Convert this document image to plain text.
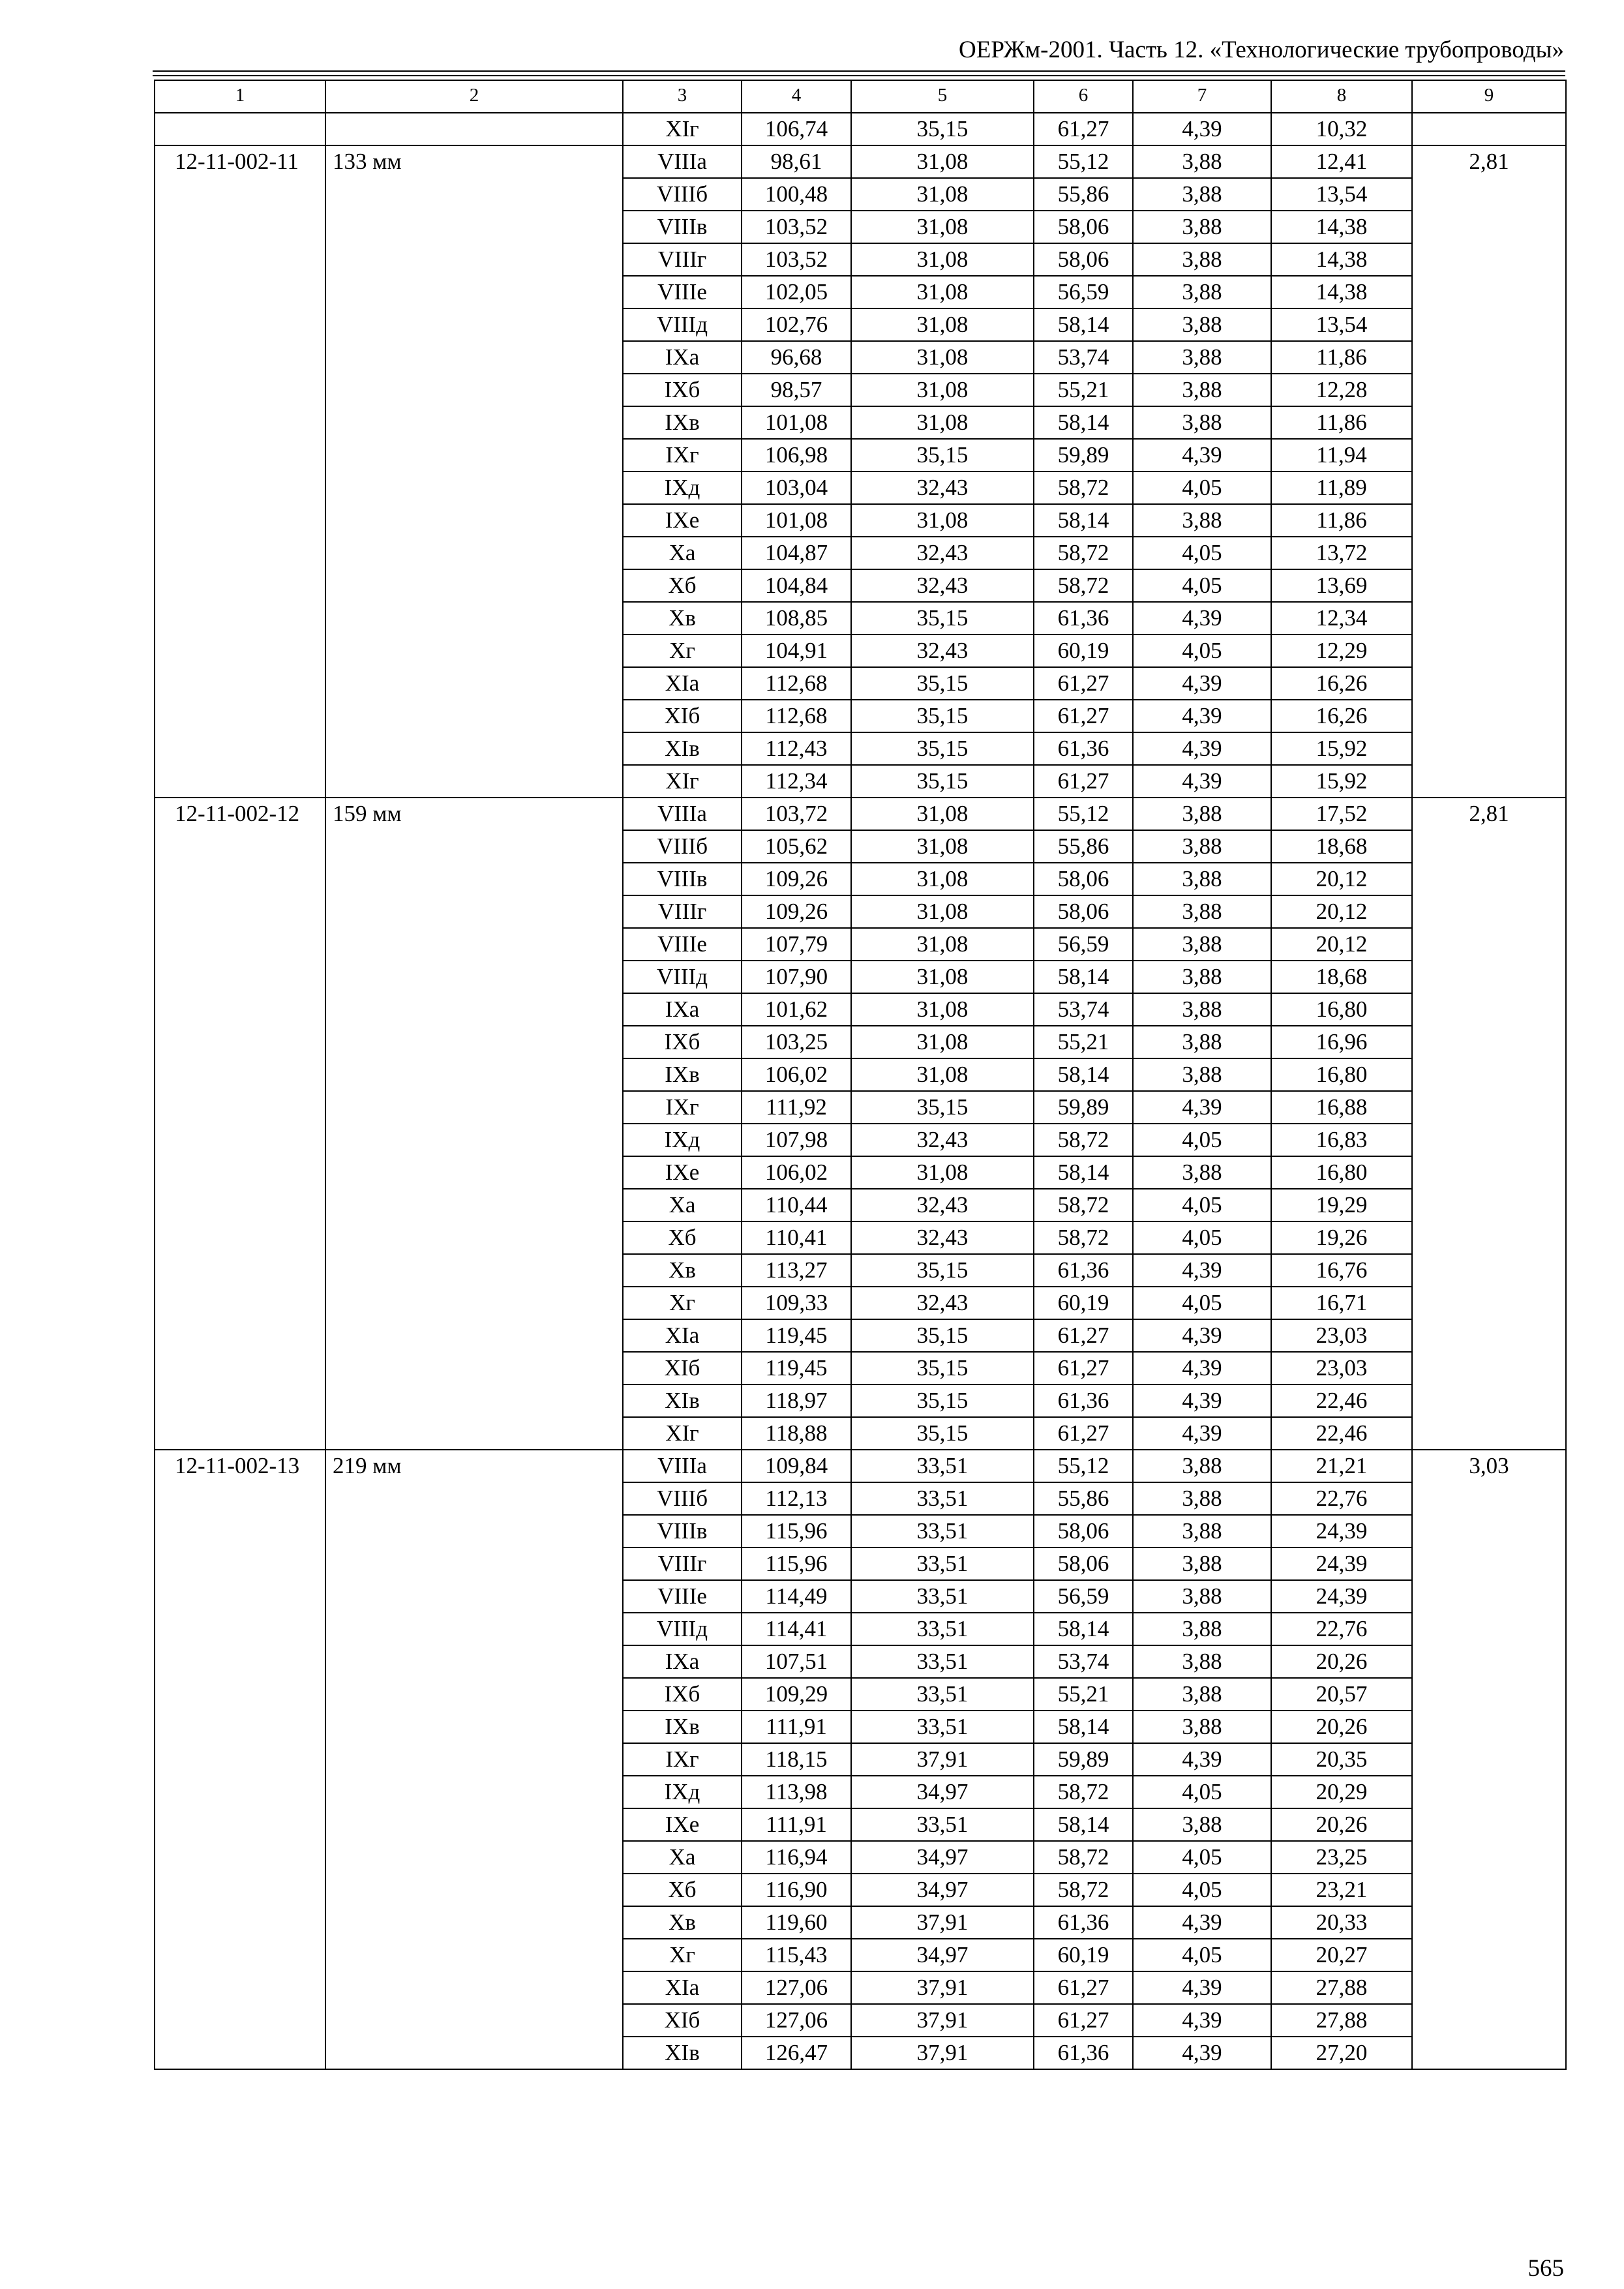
ОЕРЖм-2001. Часть 12. «Технологические трубопроводы»
1	2	3	4	5	6	7	8	9
		XIг	106,74	35,15	61,27	4,39	10,32	
12-11-002-11	133 мм	VIIIа	98,61	31,08	55,12	3,88	12,41	2,81
		VIIIб	100,48	31,08	55,86	3,88	13,54	
		VIIIв	103,52	31,08	58,06	3,88	14,38	
		VIIIг	103,52	31,08	58,06	3,88	14,38	
		VIIIе	102,05	31,08	56,59	3,88	14,38	
		VIIIд	102,76	31,08	58,14	3,88	13,54	
		IXа	96,68	31,08	53,74	3,88	11,86	
		IXб	98,57	31,08	55,21	3,88	12,28	
		IXв	101,08	31,08	58,14	3,88	11,86	
		IXг	106,98	35,15	59,89	4,39	11,94	
		IXд	103,04	32,43	58,72	4,05	11,89	
		IXе	101,08	31,08	58,14	3,88	11,86	
		Xа	104,87	32,43	58,72	4,05	13,72	
		Xб	104,84	32,43	58,72	4,05	13,69	
		Xв	108,85	35,15	61,36	4,39	12,34	
		Xг	104,91	32,43	60,19	4,05	12,29	
		XIа	112,68	35,15	61,27	4,39	16,26	
		XIб	112,68	35,15	61,27	4,39	16,26	
		XIв	112,43	35,15	61,36	4,39	15,92	
		XIг	112,34	35,15	61,27	4,39	15,92	
12-11-002-12	159 мм	VIIIа	103,72	31,08	55,12	3,88	17,52	2,81
		VIIIб	105,62	31,08	55,86	3,88	18,68	
		VIIIв	109,26	31,08	58,06	3,88	20,12	
		VIIIг	109,26	31,08	58,06	3,88	20,12	
		VIIIе	107,79	31,08	56,59	3,88	20,12	
		VIIIд	107,90	31,08	58,14	3,88	18,68	
		IXа	101,62	31,08	53,74	3,88	16,80	
		IXб	103,25	31,08	55,21	3,88	16,96	
		IXв	106,02	31,08	58,14	3,88	16,80	
		IXг	111,92	35,15	59,89	4,39	16,88	
		IXд	107,98	32,43	58,72	4,05	16,83	
		IXе	106,02	31,08	58,14	3,88	16,80	
		Xа	110,44	32,43	58,72	4,05	19,29	
		Xб	110,41	32,43	58,72	4,05	19,26	
		Xв	113,27	35,15	61,36	4,39	16,76	
		Xг	109,33	32,43	60,19	4,05	16,71	
		XIа	119,45	35,15	61,27	4,39	23,03	
		XIб	119,45	35,15	61,27	4,39	23,03	
		XIв	118,97	35,15	61,36	4,39	22,46	
		XIг	118,88	35,15	61,27	4,39	22,46	
12-11-002-13	219 мм	VIIIа	109,84	33,51	55,12	3,88	21,21	3,03
		VIIIб	112,13	33,51	55,86	3,88	22,76	
		VIIIв	115,96	33,51	58,06	3,88	24,39	
		VIIIг	115,96	33,51	58,06	3,88	24,39	
		VIIIе	114,49	33,51	56,59	3,88	24,39	
		VIIIд	114,41	33,51	58,14	3,88	22,76	
		IXа	107,51	33,51	53,74	3,88	20,26	
		IXб	109,29	33,51	55,21	3,88	20,57	
		IXв	111,91	33,51	58,14	3,88	20,26	
		IXг	118,15	37,91	59,89	4,39	20,35	
		IXд	113,98	34,97	58,72	4,05	20,29	
		IXе	111,91	33,51	58,14	3,88	20,26	
		Xа	116,94	34,97	58,72	4,05	23,25	
		Xб	116,90	34,97	58,72	4,05	23,21	
		Xв	119,60	37,91	61,36	4,39	20,33	
		Xг	115,43	34,97	60,19	4,05	20,27	
		XIа	127,06	37,91	61,27	4,39	27,88	
		XIб	127,06	37,91	61,27	4,39	27,88	
		XIв	126,47	37,91	61,36	4,39	27,20	
565
